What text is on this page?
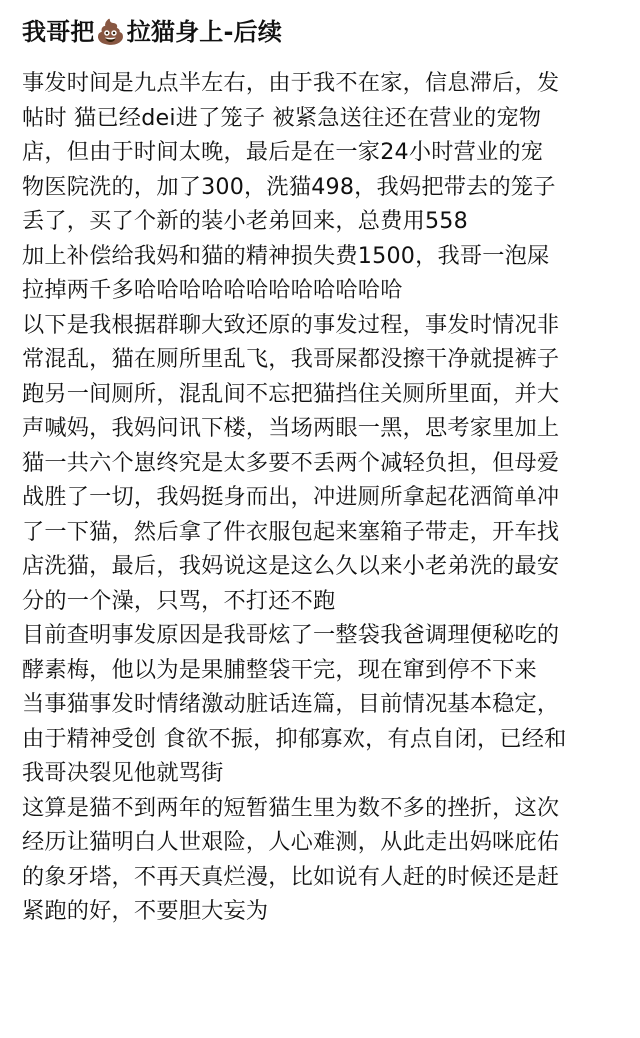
我哥把💩拉猫身上-后续
事发时间是九点半左右，由于我不在家，信息滞后，发
帖时 猫已经dei进了笼子 被紧急送往还在营业的宠物
店，但由于时间太晚，最后是在一家24小时营业的宠
物医院洗的，加了300，洗猫498，我妈把带去的笼子
丢了，买了个新的装小老弟回来，总费用558
加上补偿给我妈和猫的精神损失费1500，我哥一泡屎
拉掉两千多哈哈哈哈哈哈哈哈哈哈哈哈
以下是我根据群聊大致还原的事发过程，事发时情况非
常混乱，猫在厕所里乱飞，我哥屎都没擦干净就提裤子
跑另一间厕所，混乱间不忘把猫挡住关厕所里面，并大
声喊妈，我妈问讯下楼，当场两眼一黑，思考家里加上
猫一共六个崽终究是太多要不丢两个减轻负担，但母爱
战胜了一切，我妈挺身而出，冲进厕所拿起花洒简单冲
了一下猫，然后拿了件衣服包起来塞箱子带走，开车找
店洗猫，最后，我妈说这是这么久以来小老弟洗的最安
分的一个澡，只骂，不打还不跑
目前查明事发原因是我哥炫了一整袋我爸调理便秘吃的
酵素梅，他以为是果脯整袋干完，现在窜到停不下来
当事猫事发时情绪激动脏话连篇，目前情况基本稳定，
由于精神受创 食欲不振，抑郁寡欢，有点自闭，已经和
我哥决裂见他就骂街
这算是猫不到两年的短暂猫生里为数不多的挫折，这次
经历让猫明白人世艰险，人心难测，从此走出妈咪庇佑
的象牙塔，不再天真烂漫，比如说有人赶的时候还是赶
紧跑的好，不要胆大妄为
